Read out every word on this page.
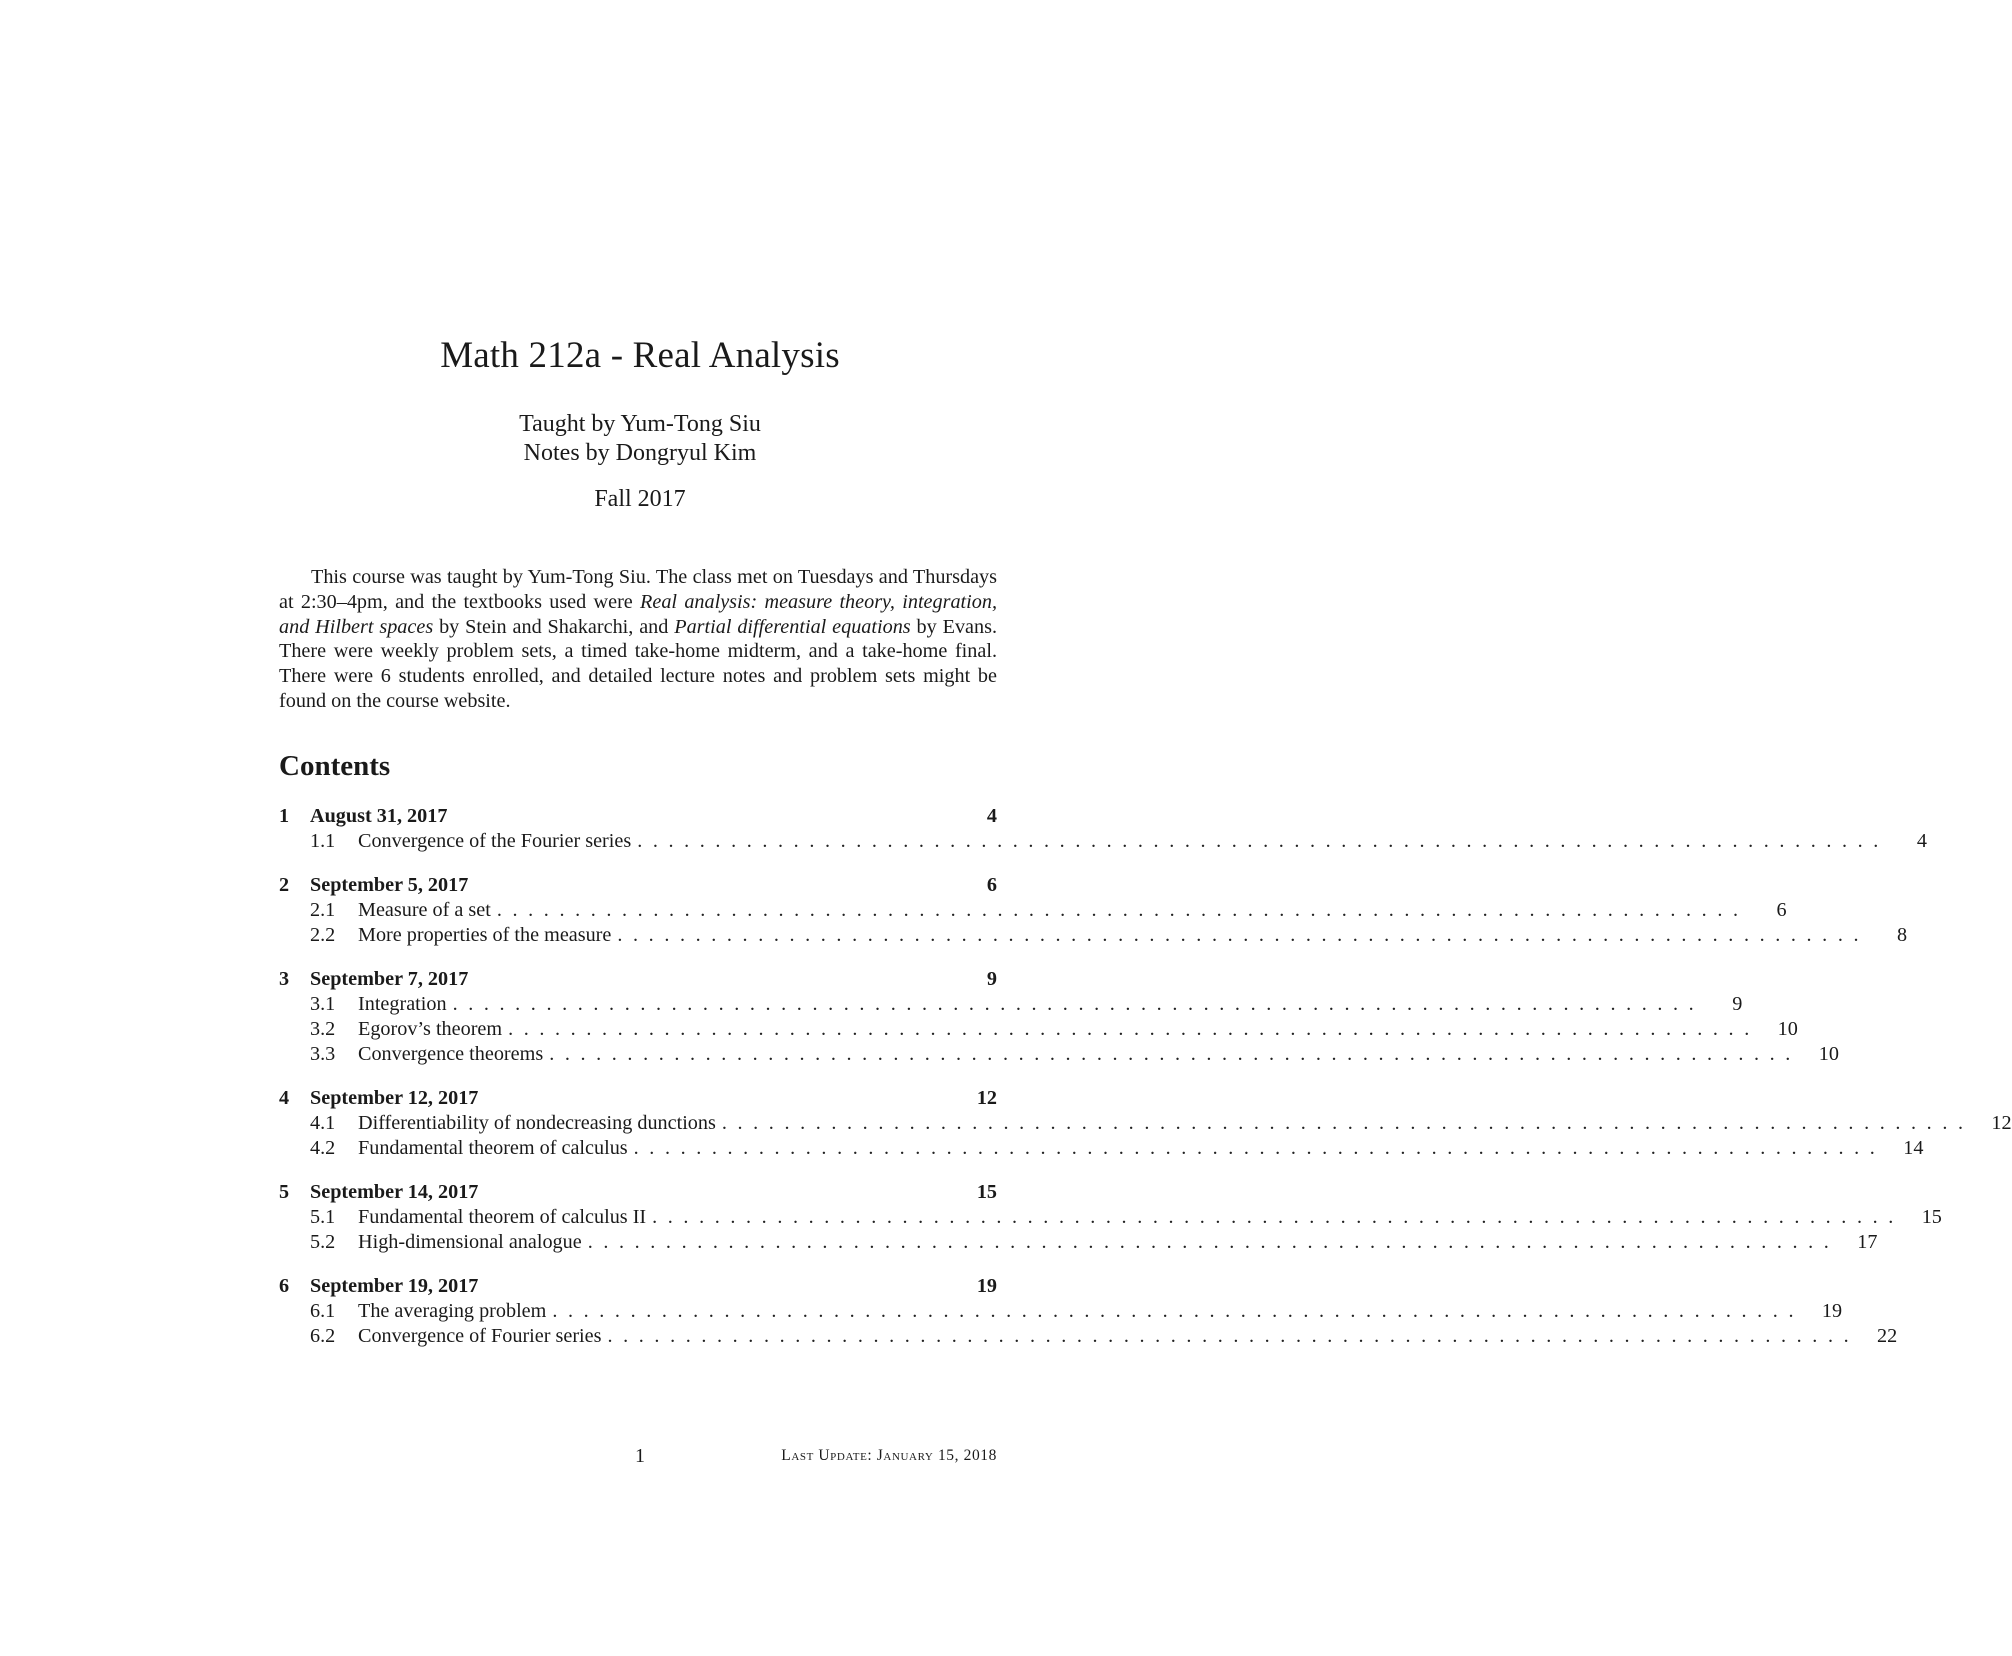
Math 212a - Real Analysis
Taught by Yum-Tong Siu
Notes by Dongryul Kim
Fall 2017

This course was taught by Yum-Tong Siu. The class met on Tuesdays and Thursdays at 2:30–4pm, and the textbooks used were Real analysis: measure theory, integration, and Hilbert spaces by Stein and Shakarchi, and Partial differential equations by Evans. There were weekly problem sets, a timed take-home midterm, and a take-home final. There were 6 students enrolled, and detailed lecture notes and problem sets might be found on the course website.

Contents
1	August 31, 2017	4
1.1	Convergence of the Fourier series ................................................................................	4
2	September 5, 2017	6
2.1	Measure of a set ................................................................................	6
2.2	More properties of the measure ................................................................................	8
3	September 7, 2017	9
3.1	Integration ................................................................................	9
3.2	Egorov’s theorem ................................................................................ 10
3.3	Convergence theorems ................................................................................ 10
4	September 12, 2017	12
4.1	Differentiability of nondecreasing dunctions ................................................................................ 12
4.2	Fundamental theorem of calculus ................................................................................ 14
5	September 14, 2017	15
5.1	Fundamental theorem of calculus II ................................................................................ 15
5.2	High-dimensional analogue ................................................................................ 17
6	September 19, 2017	19
6.1	The averaging problem ................................................................................ 19
6.2	Convergence of Fourier series ................................................................................ 22
1	Last Update: January 15, 2018
